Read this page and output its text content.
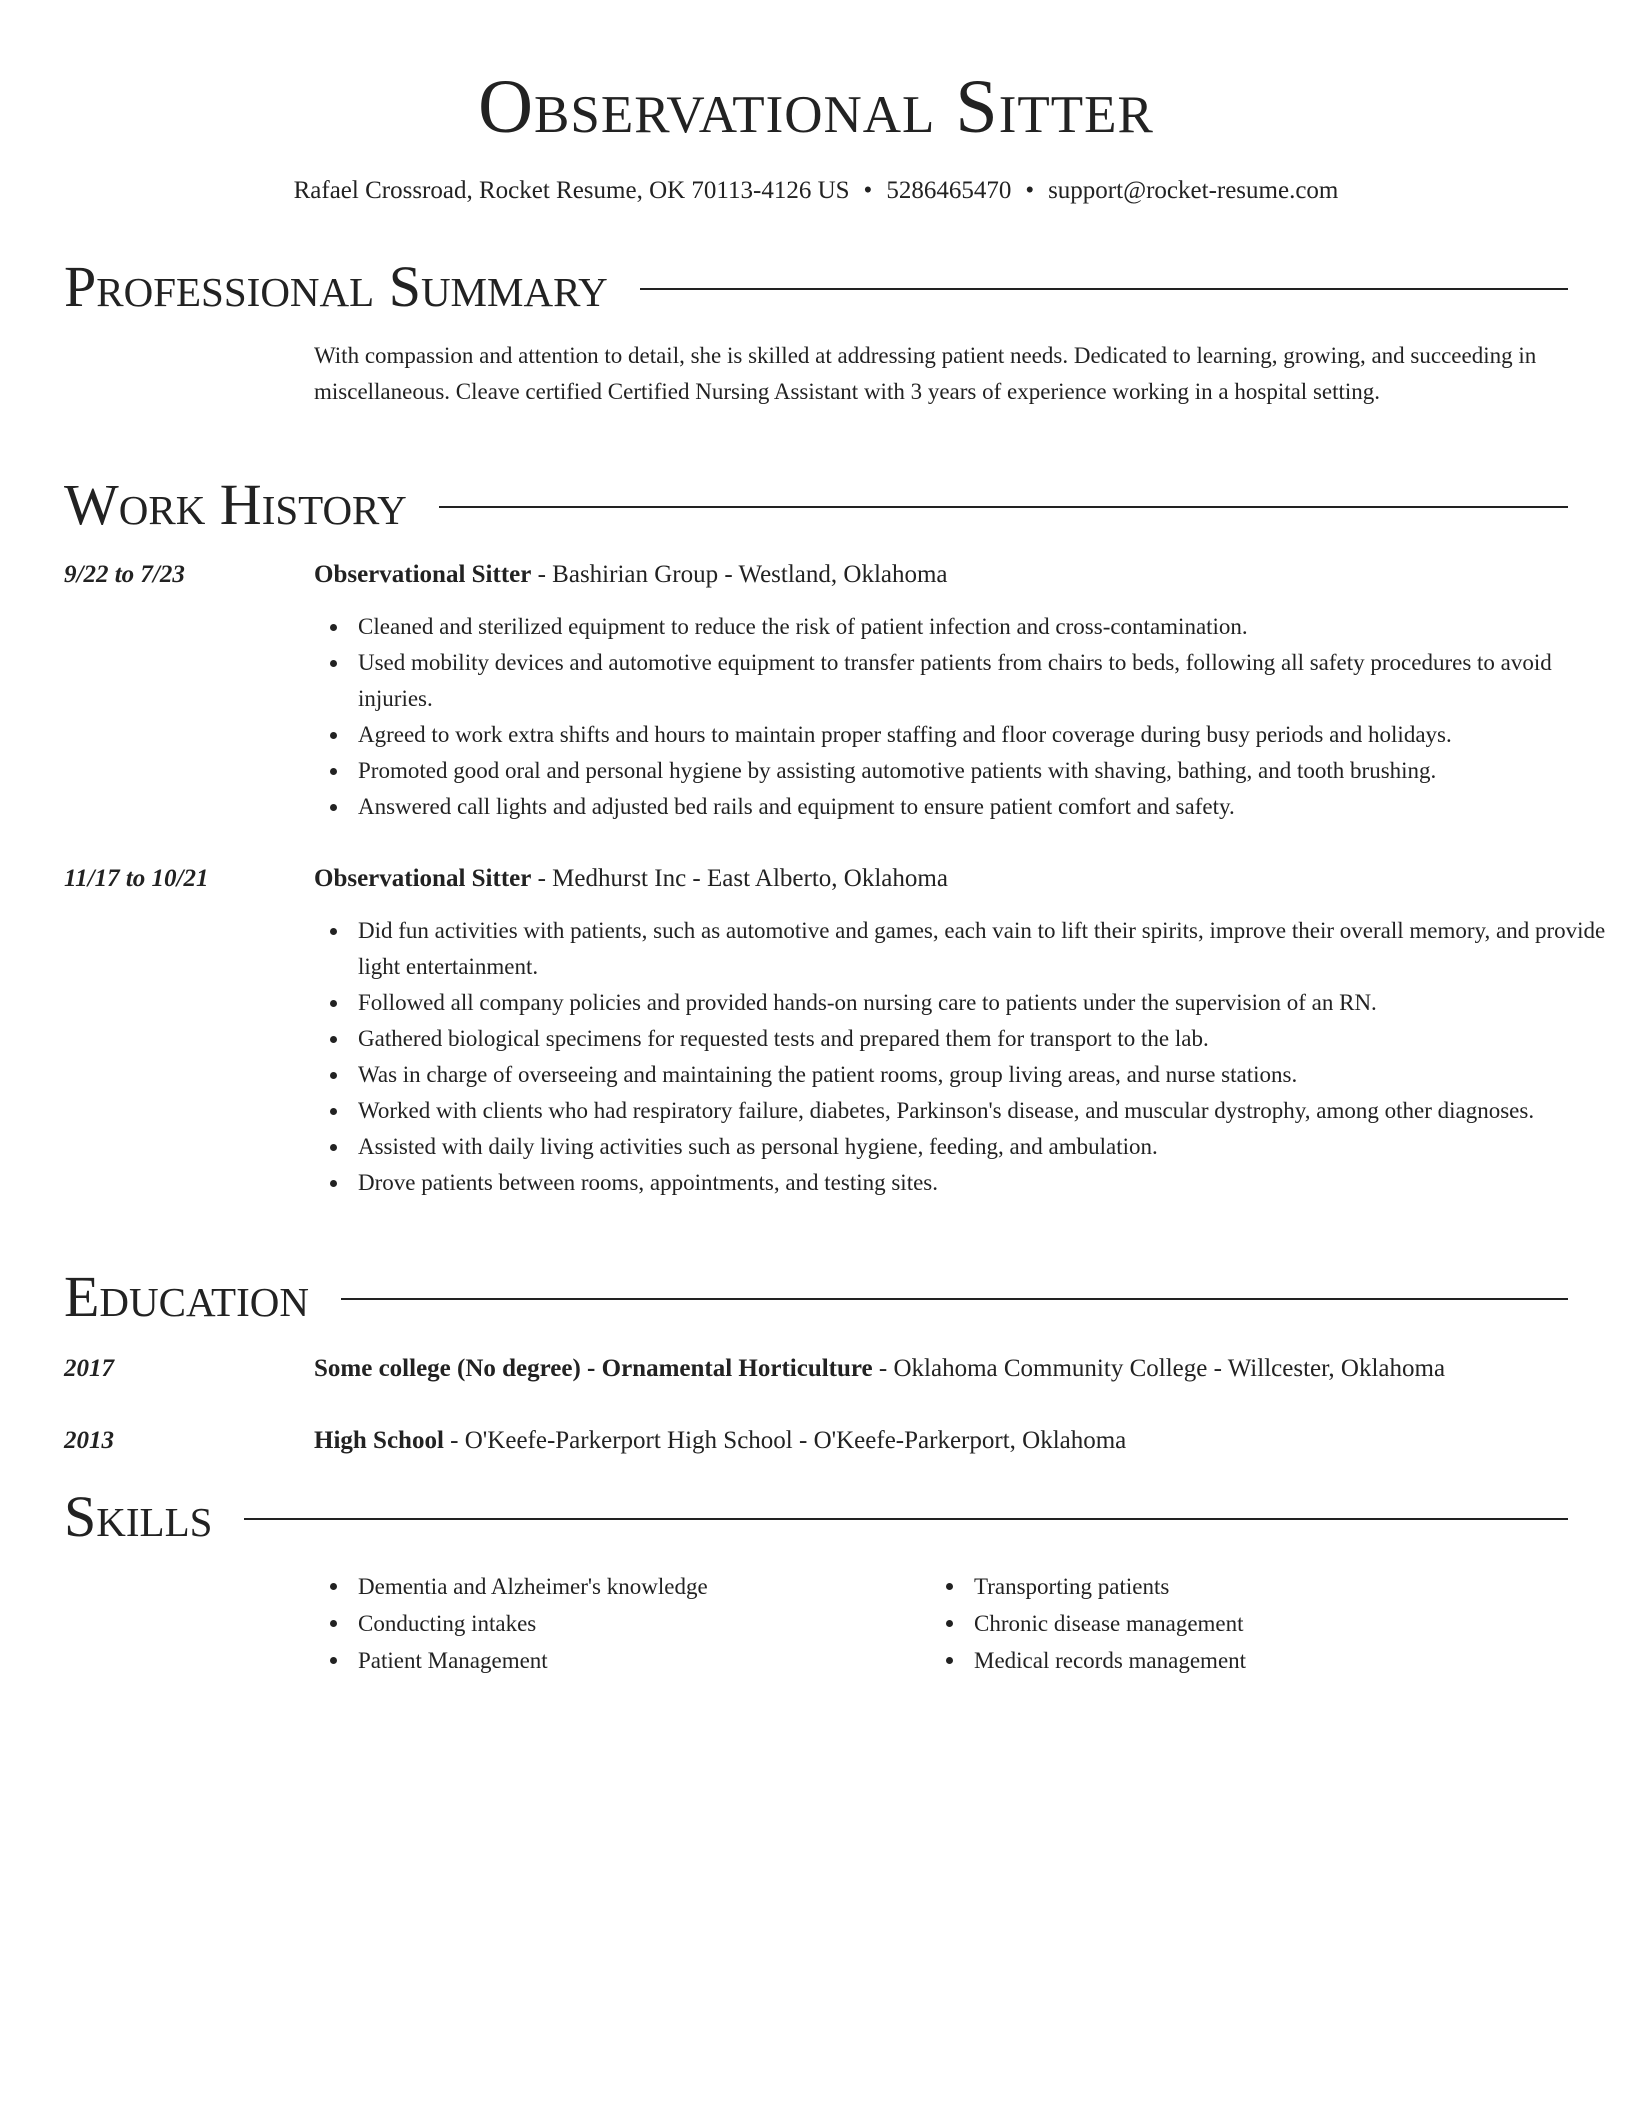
Observational Sitter
Rafael Crossroad, Rocket Resume, OK 70113-4126 US • 5286465470 • support@rocket-resume.com
Professional Summary

With compassion and attention to detail, she is skilled at addressing patient needs. Dedicated to learning, growing, and succeeding in miscellaneous. Cleave certified Certified Nursing Assistant with 3 years of experience working in a hospital setting.

Work History
9/22 to 7/23	Observational Sitter - Bashirian Group - Westland, Oklahoma
Cleaned and sterilized equipment to reduce the risk of patient infection and cross-contamination.
Used mobility devices and automotive equipment to transfer patients from chairs to beds, following all safety procedures to avoid injuries.
Agreed to work extra shifts and hours to maintain proper staffing and floor coverage during busy periods and holidays.
Promoted good oral and personal hygiene by assisting automotive patients with shaving, bathing, and tooth brushing.
Answered call lights and adjusted bed rails and equipment to ensure patient comfort and safety.
11/17 to 10/21	Observational Sitter - Medhurst Inc - East Alberto, Oklahoma
Did fun activities with patients, such as automotive and games, each vain to lift their spirits, improve their overall memory, and provide light entertainment.
Followed all company policies and provided hands-on nursing care to patients under the supervision of an RN.
Gathered biological specimens for requested tests and prepared them for transport to the lab.
Was in charge of overseeing and maintaining the patient rooms, group living areas, and nurse stations.
Worked with clients who had respiratory failure, diabetes, Parkinson's disease, and muscular dystrophy, among other diagnoses.
Assisted with daily living activities such as personal hygiene, feeding, and ambulation.
Drove patients between rooms, appointments, and testing sites.
Education
2017	Some college (No degree) - Ornamental Horticulture - Oklahoma Community College - Willcester, Oklahoma
2013	High School - O'Keefe-Parkerport High School - O'Keefe-Parkerport, Oklahoma
Skills
Dementia and Alzheimer's knowledge
Conducting intakes
Patient Management
Transporting patients
Chronic disease management
Medical records management
